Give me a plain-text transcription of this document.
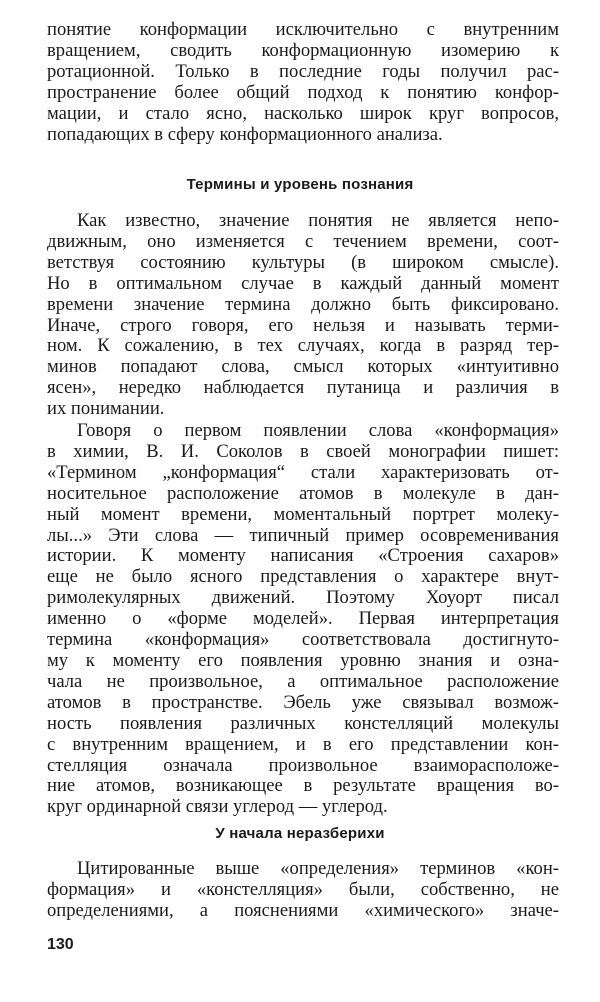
понятие конформации исключительно с внутренним
вращением, сводить конформационную изомерию к
ротационной. Только в последние годы получил рас-
пространение более общий подход к понятию конфор-
мации, и стало ясно, насколько широк круг вопросов,
попадающих в сферу конформационного анализа.
Термины и уровень познания
Как известно, значение понятия не является непо-
движным, оно изменяется с течением времени, соот-
ветствуя состоянию культуры (в широком смысле).
Но в оптимальном случае в каждый данный момент
времени значение термина должно быть фиксировано.
Иначе, строго говоря, его нельзя и называть терми-
ном. К сожалению, в тех случаях, когда в разряд тер-
минов попадают слова, смысл которых «интуитивно
ясен», нередко наблюдается путаница и различия в
их понимании.
Говоря о первом появлении слова «конформация»
в химии, В. И. Соколов в своей монографии пишет:
«Термином „конформация“ стали характеризовать от-
носительное расположение атомов в молекуле в дан-
ный момент времени, моментальный портрет молеку-
лы...» Эти слова — типичный пример осовременивания
истории. К моменту написания «Строения сахаров»
еще не было ясного представления о характере внут-
римолекулярных движений. Поэтому Хоуорт писал
именно о «форме моделей». Первая интерпретация
термина «конформация» соответствовала достигнуто-
му к моменту его появления уровню знания и озна-
чала не произвольное, а оптимальное расположение
атомов в пространстве. Эбель уже связывал возмож-
ность появления различных констелляций молекулы
с внутренним вращением, и в его представлении кон-
стелляция означала произвольное взаиморасположе-
ние атомов, возникающее в результате вращения во-
круг ординарной связи углерод — углерод.
У начала неразберихи
Цитированные выше «определения» терминов «кон-
формация» и «констелляция» были, собственно, не
определениями, а пояснениями «химического» значе-
130
